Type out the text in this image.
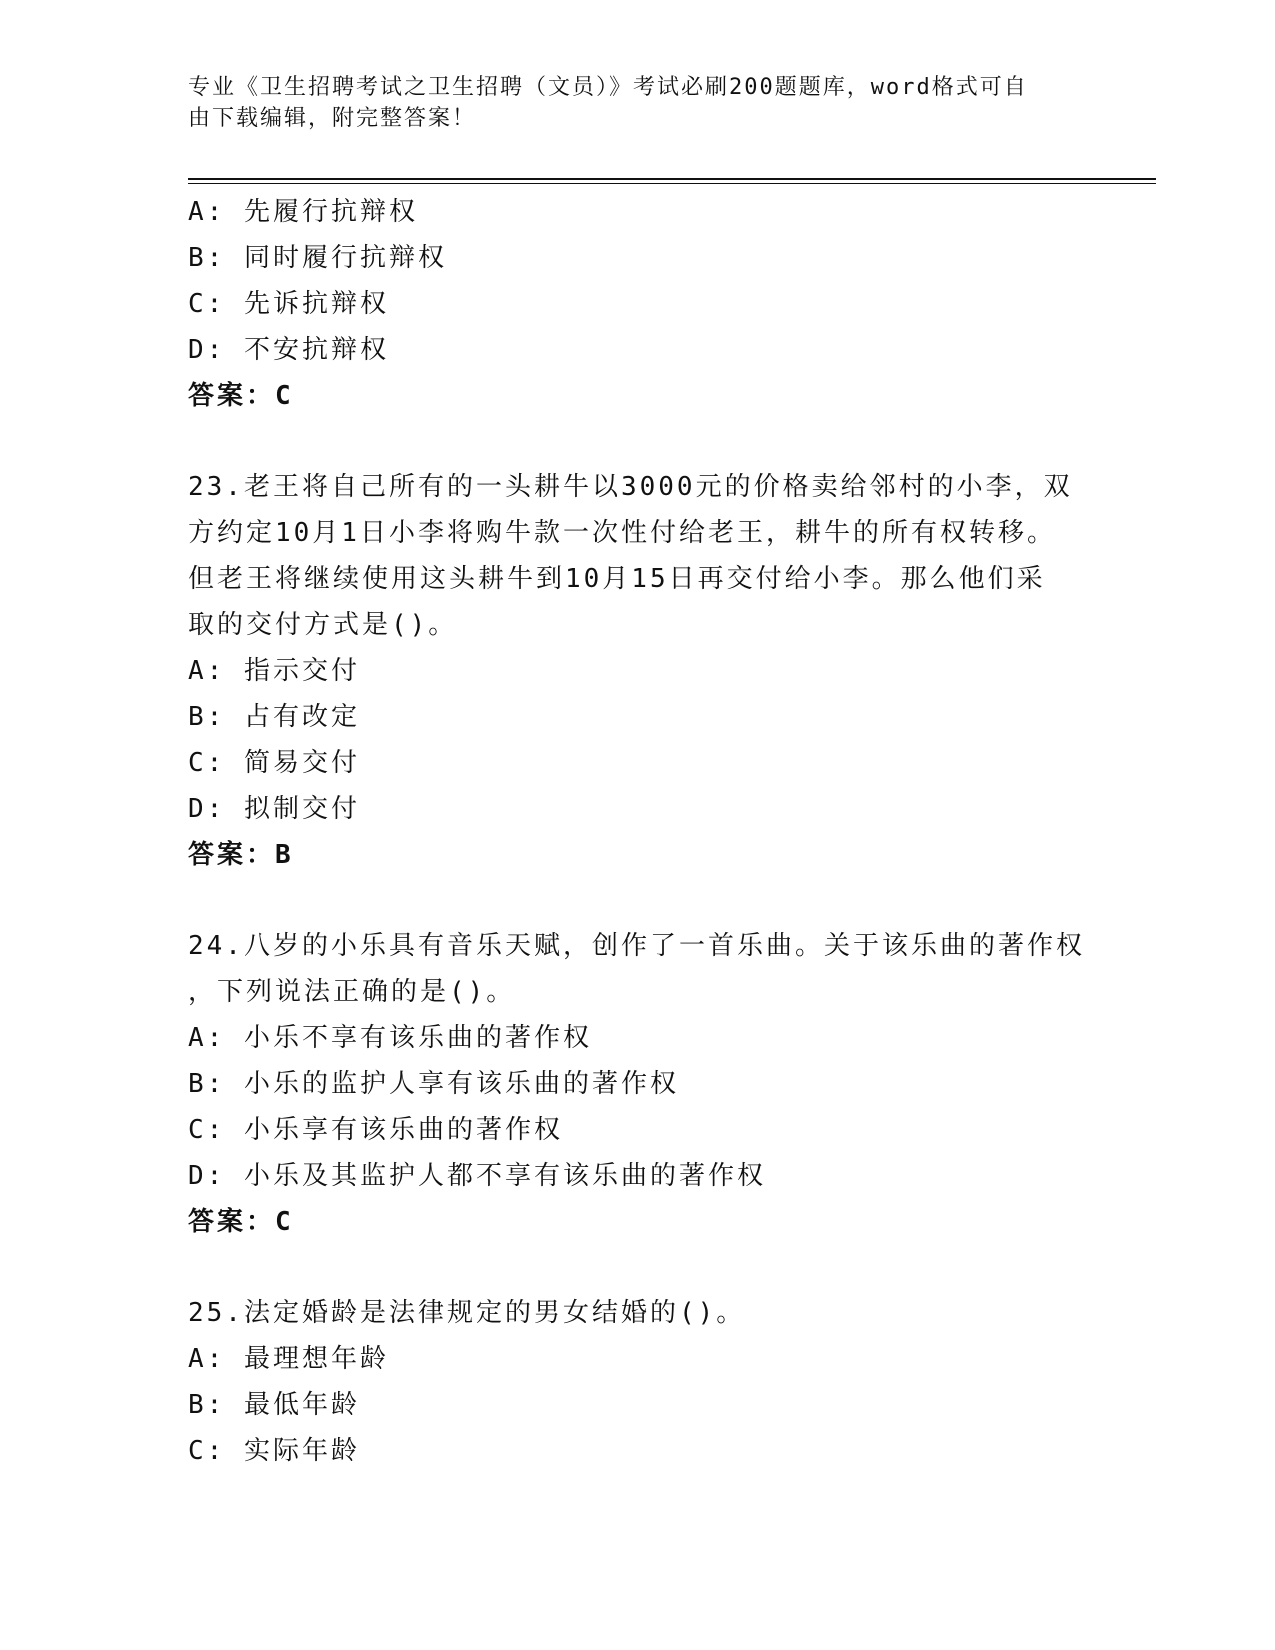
专业《卫生招聘考试之卫生招聘（文员）》考试必刷200题题库，word格式可自
由下载编辑，附完整答案！
A: 先履行抗辩权
B: 同时履行抗辩权
C: 先诉抗辩权
D: 不安抗辩权
答案：C
23.老王将自己所有的一头耕牛以3000元的价格卖给邻村的小李，双
方约定10月1日小李将购牛款一次性付给老王，耕牛的所有权转移。
但老王将继续使用这头耕牛到10月15日再交付给小李。那么他们采
取的交付方式是()。
A: 指示交付
B: 占有改定
C: 简易交付
D: 拟制交付
答案：B
24.八岁的小乐具有音乐天赋，创作了一首乐曲。关于该乐曲的著作权
，下列说法正确的是()。
A: 小乐不享有该乐曲的著作权
B: 小乐的监护人享有该乐曲的著作权
C: 小乐享有该乐曲的著作权
D: 小乐及其监护人都不享有该乐曲的著作权
答案：C
25.法定婚龄是法律规定的男女结婚的()。
A: 最理想年龄
B: 最低年龄
C: 实际年龄
